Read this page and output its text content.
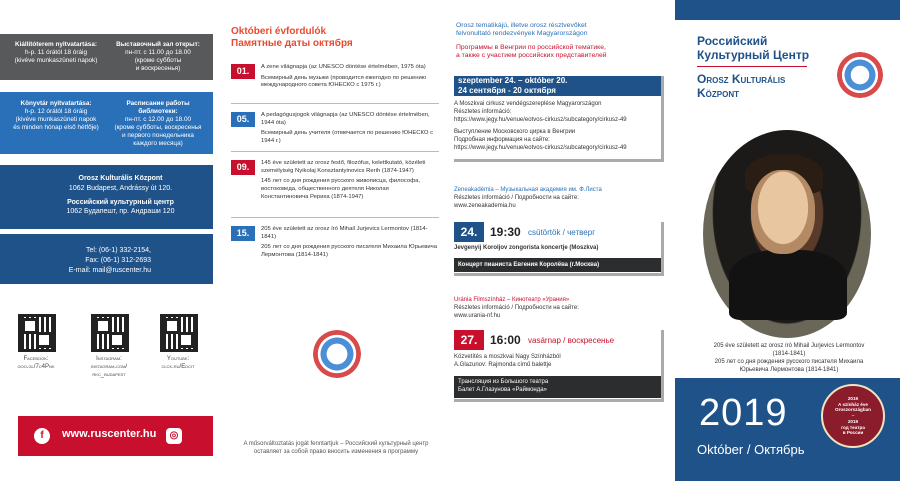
Kiállítóterem nyitvatartása:
h-p. 11 órától 18 óráig
(kivéve munkaszüneti napok)
Выставочный зал открыт:
пн-пт. с 11.00 до 18.00
(кроме субботы
и воскресенья)
Könyvtár nyitvatartása:
h-p. 12 órától 18 óráig
(kivéve munkaszüneti napok
és minden hónap első hétfője)
Расписание работы библиотеки:
пн-пт. с 12.00 до 18.00
(кроме субботы, воскресенья
и первого понедельника
каждого месяца)
Orosz Kulturális Központ
1062 Budapest, Andrássy út 120.
Российский культурный центр
1062 Будапешт, пр. Андраши 120
Tel: (06-1) 332-2154,
Fax: (06-1) 312-2693
E-mail: mail@ruscenter.hu
Facebook:
goo.gl/7c4Pnk
Instagram:
instagram.com/
rkc_budapest
Youtube:
clck.ru/Edcit
f	www.ruscenter.hu	◎
Októberi évfordulók
Памятные даты октября
01.	A zene világnapja (az UNESCO döntése értelmében, 1975 óta)

Всемирный день музыки (проводится ежегодно по решению международного совета ЮНЕСКО с 1975 г.)

05.	A pedagógusjogok világnapja (az UNESCO döntése értelmében, 1944 óta)

Всемирный день учителя (отмечается по решению ЮНЕСКО с 1944 г.)

09.	145 éve született az orosz festő, filozófus, kelettkutató, közéleti személyiség Nyikolaj Konsztantyinovics Rerih (1874-1947)

145 лет со дня рождения русского живописца, философа, востоковеда, общественного деятеля Николая Константиновича Рериха (1874-1947)

15.	205 éve született az orosz író Mihail Jurjevics Lermontov (1814-1841)

205 лет со дня рождения русского писателя Михаила Юрьевича Лермонтова (1814-1841)

A műsorváltoztatás jogát fenntartjuk – Российский культурный центр
оставляет за собой право вносить изменения в программу
Orosz tematikájú, illetve orosz résztvevőket
felvonultató rendezvények Magyarországon
Программы в Венгрии по российской тематике,
а также с участием российских представителей
szeptember 24. – október 20.
24 сентября - 20 октября
A Moszkvai cirkusz vendégszereplése Magyarországon
Részletes információ:
https://www.jegy.hu/venue/eotvos-cirkusz/subcategory/cirkusz-49
Выступление Московского цирка в Венгрии
Подробная информация на сайте:
https://www.jegy.hu/venue/eotvos-cirkusz/subcategory/cirkusz-49
Zeneakadémia – Музыкальная академия им. Ф.Листа
Részletes információ / Подробности на сайте:
www.zeneakademia.hu
24.	19:30 csütörtök / четверг
Jevgenyij Koroljov zongorista koncertje (Moszkva)
Концерт пианиста Евгения Королёва (г.Москва)
Uránia Filmszínház – Кинотеатр «Урания»
Részletes információ / Подробности на сайте:
www.urania-nf.hu
27.	16:00 vasárnap / воскресенье
Közvetítés a moszkvai Nagy Színházból
A.Glazunov: Rajmonda című balettje
Трансляция из Большого театра
Балет А.Глазунова «Раймонда»
Российский
Культурный Центр
Orosz Kulturális
Központ
205 éve született az orosz író Mihail Jurjevics Lermontov
(1814-1841)
205 лет со дня рождения русского писателя Михаила
Юрьевича Лермонтова (1814-1841)
2019
Október / Октябрь
2019
A színház éve
Oroszországban
–
2019
год театра
в России
